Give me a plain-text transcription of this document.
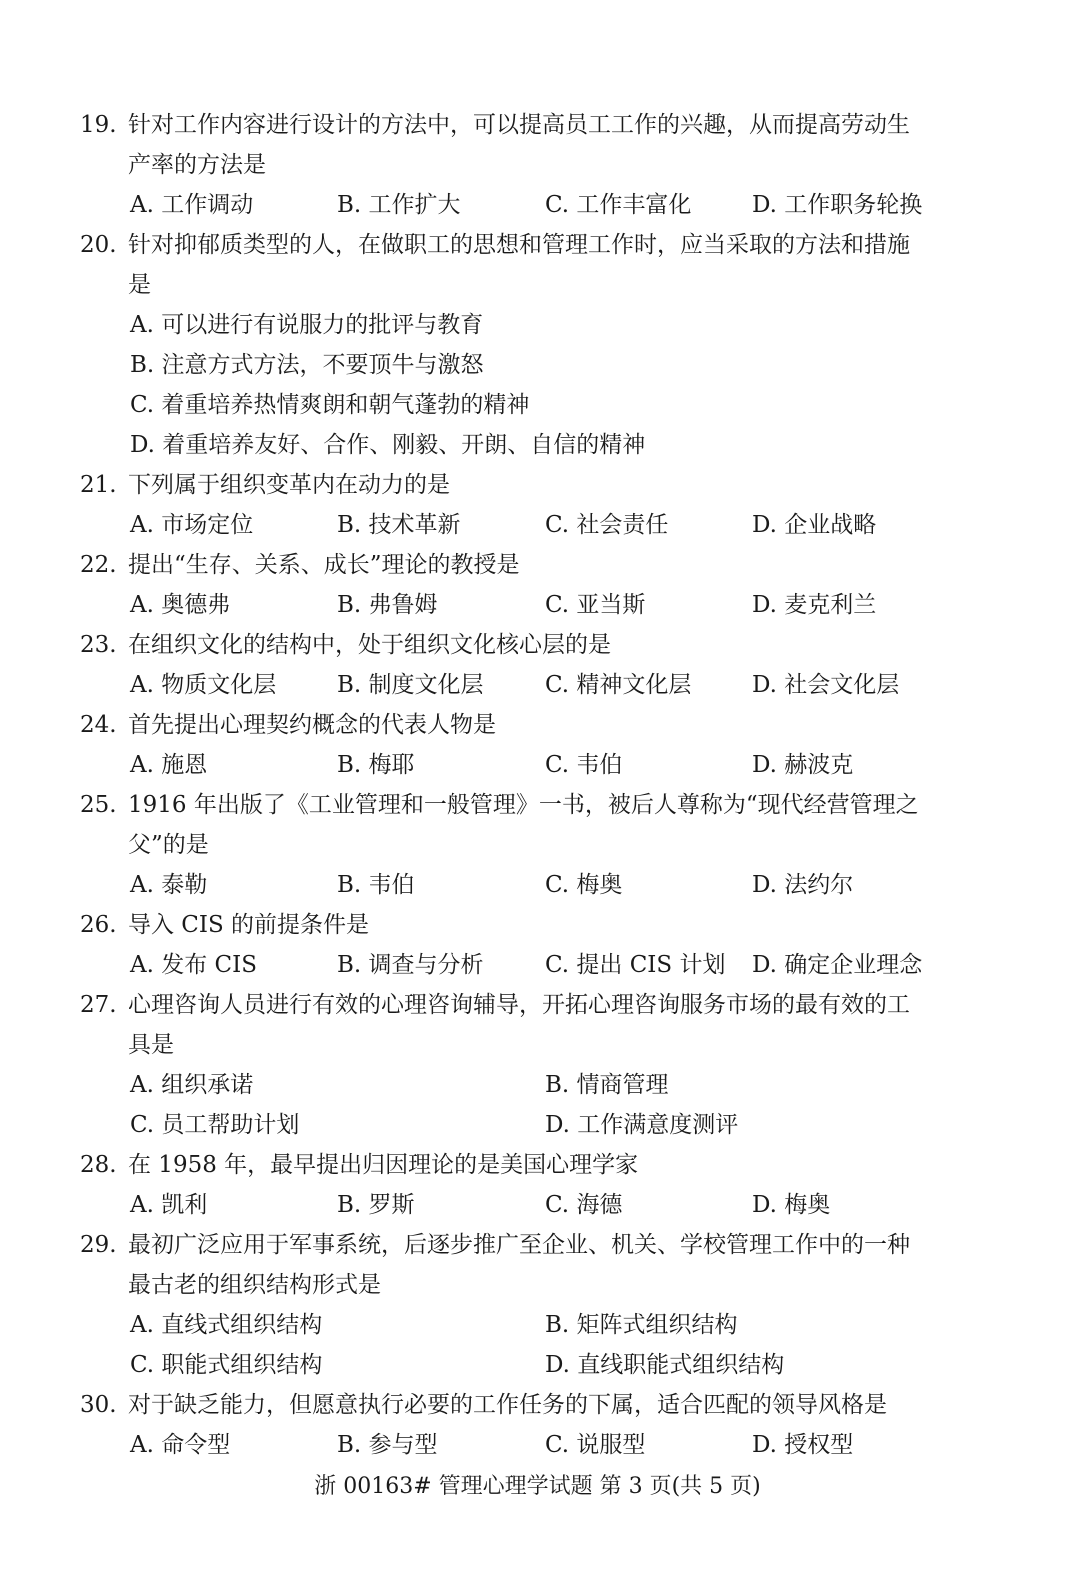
19. 针对工作内容进行设计的方法中，可以提高员工工作的兴趣，从而提高劳动生
产率的方法是
A. 工作调动	B. 工作扩大	C. 工作丰富化	D. 工作职务轮换
20. 针对抑郁质类型的人，在做职工的思想和管理工作时，应当采取的方法和措施
是
A. 可以进行有说服力的批评与教育
B. 注意方式方法，不要顶牛与激怒
C. 着重培养热情爽朗和朝气蓬勃的精神
D. 着重培养友好、合作、刚毅、开朗、自信的精神
21. 下列属于组织变革内在动力的是
A. 市场定位	B. 技术革新	C. 社会责任	D. 企业战略
22. 提出“生存、关系、成长”理论的教授是
A. 奥德弗	B. 弗鲁姆	C. 亚当斯	D. 麦克利兰
23. 在组织文化的结构中，处于组织文化核心层的是
A. 物质文化层	B. 制度文化层	C. 精神文化层	D. 社会文化层
24. 首先提出心理契约概念的代表人物是
A. 施恩	B. 梅耶	C. 韦伯	D. 赫波克
25. 1916 年出版了《工业管理和一般管理》一书，被后人尊称为“现代经营管理之
父”的是
A. 泰勒	B. 韦伯	C. 梅奥	D. 法约尔
26. 导入 CIS 的前提条件是
A. 发布 CIS	B. 调查与分析	C. 提出 CIS 计划 D. 确定企业理念
27. 心理咨询人员进行有效的心理咨询辅导，开拓心理咨询服务市场的最有效的工
具是
A. 组织承诺	B. 情商管理
C. 员工帮助计划	D. 工作满意度测评
28. 在 1958 年，最早提出归因理论的是美国心理学家
A. 凯利	B. 罗斯	C. 海德	D. 梅奥
29. 最初广泛应用于军事系统，后逐步推广至企业、机关、学校管理工作中的一种
最古老的组织结构形式是
A. 直线式组织结构	B. 矩阵式组织结构
C. 职能式组织结构	D. 直线职能式组织结构
30. 对于缺乏能力，但愿意执行必要的工作任务的下属，适合匹配的领导风格是
A. 命令型	B. 参与型	C. 说服型	D. 授权型
浙 00163# 管理心理学试题 第 3 页(共 5 页)
